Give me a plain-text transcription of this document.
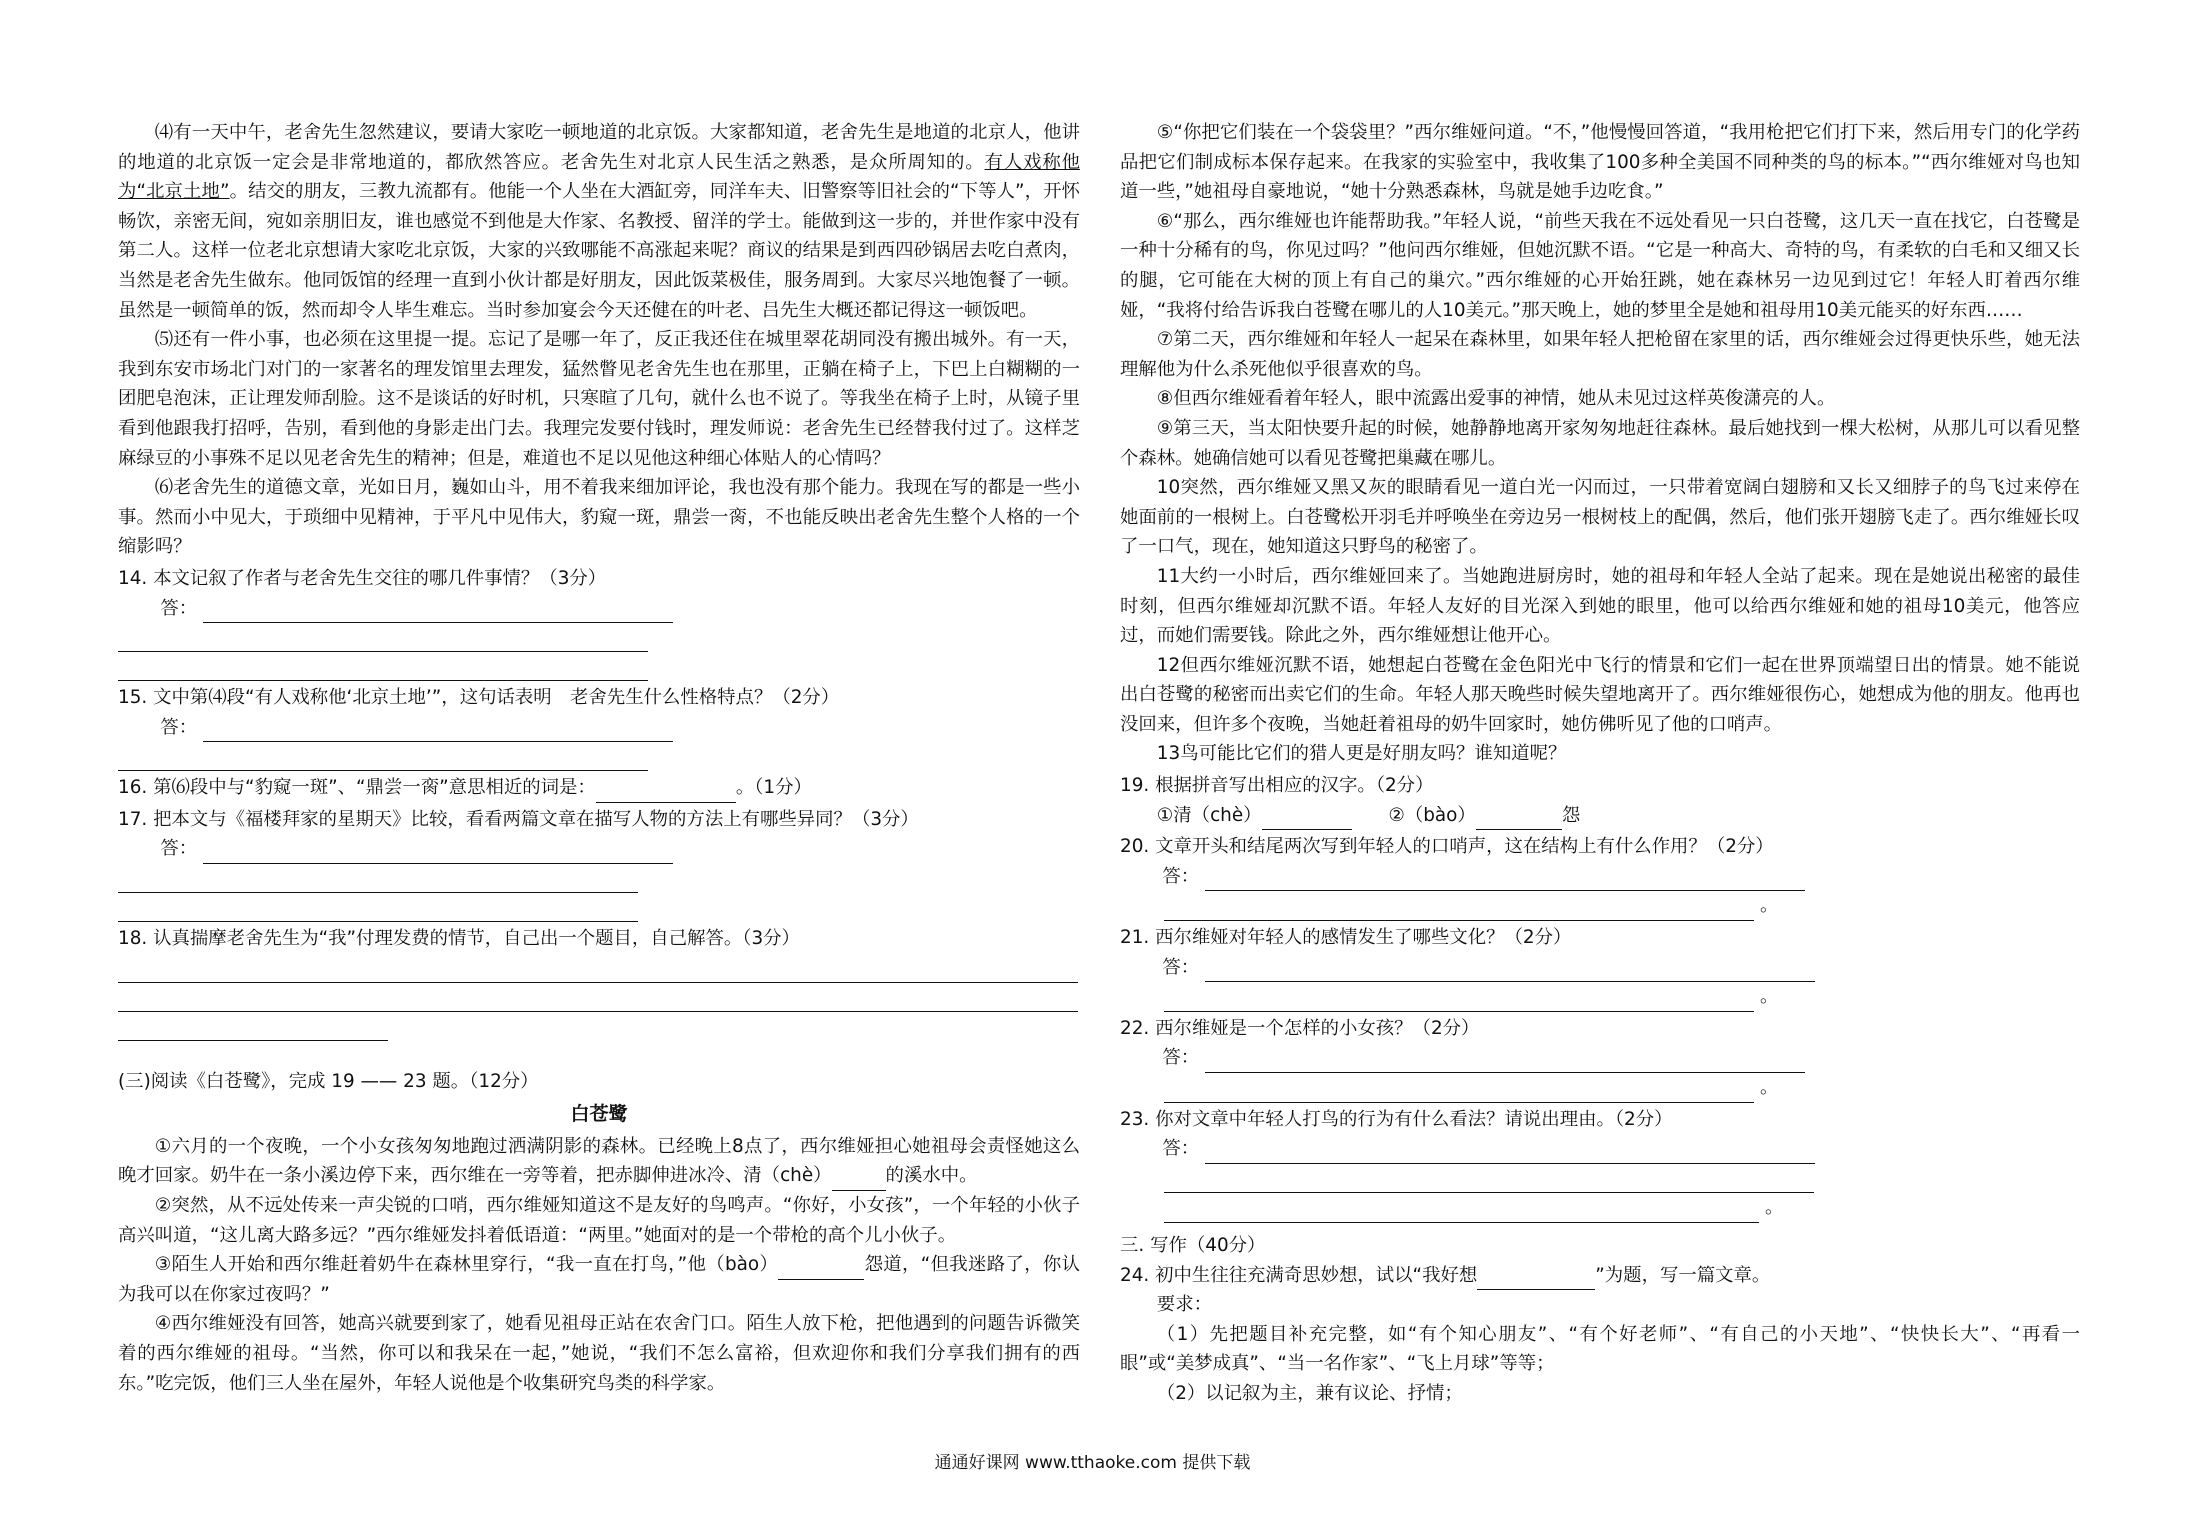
⑷有一天中午，老舍先生忽然建议，要请大家吃一顿地道的北京饭。大家都知道，老舍先生是地道的北京人，他讲的地道的北京饭一定会是非常地道的，都欣然答应。老舍先生对北京人民生活之熟悉，是众所周知的。有人戏称他为“北京土地”。结交的朋友，三教九流都有。他能一个人坐在大酒缸旁，同洋车夫、旧警察等旧社会的“下等人”，开怀畅饮，亲密无间，宛如亲朋旧友，谁也感觉不到他是大作家、名教授、留洋的学士。能做到这一步的，并世作家中没有第二人。这样一位老北京想请大家吃北京饭，大家的兴致哪能不高涨起来呢？商议的结果是到西四砂锅居去吃白煮肉，当然是老舍先生做东。他同饭馆的经理一直到小伙计都是好朋友，因此饭菜极佳，服务周到。大家尽兴地饱餐了一顿。虽然是一顿简单的饭，然而却令人毕生难忘。当时参加宴会今天还健在的叶老、吕先生大概还都记得这一顿饭吧。

⑸还有一件小事，也必须在这里提一提。忘记了是哪一年了，反正我还住在城里翠花胡同没有搬出城外。有一天，我到东安市场北门对门的一家著名的理发馆里去理发，猛然瞥见老舍先生也在那里，正躺在椅子上，下巴上白糊糊的一团肥皂泡沫，正让理发师刮脸。这不是谈话的好时机，只寒暄了几句，就什么也不说了。等我坐在椅子上时，从镜子里看到他跟我打招呼，告别，看到他的身影走出门去。我理完发要付钱时，理发师说：老舍先生已经替我付过了。这样芝麻绿豆的小事殊不足以见老舍先生的精神；但是，难道也不足以见他这种细心体贴人的心情吗？

⑹老舍先生的道德文章，光如日月，巍如山斗，用不着我来细加评论，我也没有那个能力。我现在写的都是一些小事。然而小中见大，于琐细中见精神，于平凡中见伟大，豹窥一斑，鼎尝一脔，不也能反映出老舍先生整个人格的一个缩影吗？

14. 本文记叙了作者与老舍先生交往的哪几件事情？（3分）

答：

15. 文中第⑷段“有人戏称他‘北京土地’”，这句话表明　老舍先生什么性格特点？（2分）

答：

16. 第⑹段中与“豹窥一斑”、“鼎尝一脔”意思相近的词是：	。（1分）

17. 把本文与《福楼拜家的星期天》比较，看看两篇文章在描写人物的方法上有哪些异同？（3分）

答：

18. 认真揣摩老舍先生为“我”付理发费的情节，自己出一个题目，自己解答。（3分）

(三)阅读《白苍鹭》，完成 19 —— 23 题。（12分）

白苍鹭

①六月的一个夜晚，一个小女孩匆匆地跑过洒满阴影的森林。已经晚上8点了，西尔维娅担心她祖母会责怪她这么晚才回家。奶牛在一条小溪边停下来，西尔维在一旁等着，把赤脚伸进冰冷、清（chè）	的溪水中。

②突然，从不远处传来一声尖锐的口哨，西尔维娅知道这不是友好的鸟鸣声。“你好，小女孩”，一个年轻的小伙子高兴叫道，“这儿离大路多远？”西尔维娅发抖着低语道：“两里。”她面对的是一个带枪的高个儿小伙子。

③陌生人开始和西尔维赶着奶牛在森林里穿行，“我一直在打鸟，”他（bào）	怨道，“但我迷路了，你认为我可以在你家过夜吗？”

④西尔维娅没有回答，她高兴就要到家了，她看见祖母正站在农舍门口。陌生人放下枪，把他遇到的问题告诉微笑着的西尔维娅的祖母。“当然，你可以和我呆在一起，”她说，“我们不怎么富裕，但欢迎你和我们分享我们拥有的西东。”吃完饭，他们三人坐在屋外，年轻人说他是个收集研究鸟类的科学家。

⑤“你把它们装在一个袋袋里？”西尔维娅问道。“不，”他慢慢回答道，“我用枪把它们打下来，然后用专门的化学药品把它们制成标本保存起来。在我家的实验室中，我收集了100多种全美国不同种类的鸟的标本。”“西尔维娅对鸟也知道一些，”她祖母自豪地说，“她十分熟悉森林，鸟就是她手边吃食。”

⑥“那么，西尔维娅也许能帮助我。”年轻人说，“前些天我在不远处看见一只白苍鹭，这几天一直在找它，白苍鹭是一种十分稀有的鸟，你见过吗？”他问西尔维娅，但她沉默不语。“它是一种高大、奇特的鸟，有柔软的白毛和又细又长的腿，它可能在大树的顶上有自己的巢穴。”西尔维娅的心开始狂跳，她在森林另一边见到过它！年轻人盯着西尔维娅，“我将付给告诉我白苍鹭在哪儿的人10美元。”那天晚上，她的梦里全是她和祖母用10美元能买的好东西……

⑦第二天，西尔维娅和年轻人一起呆在森林里，如果年轻人把枪留在家里的话，西尔维娅会过得更快乐些，她无法理解他为什么杀死他似乎很喜欢的鸟。

⑧但西尔维娅看着年轻人，眼中流露出爱事的神情，她从未见过这样英俊潇亮的人。

⑨第三天，当太阳快要升起的时候，她静静地离开家匆匆地赶往森林。最后她找到一棵大松树，从那儿可以看见整个森林。她确信她可以看见苍鹭把巢藏在哪儿。

10突然，西尔维娅又黑又灰的眼睛看见一道白光一闪而过，一只带着宽阔白翅膀和又长又细脖子的鸟飞过来停在她面前的一根树上。白苍鹭松开羽毛并呼唤坐在旁边另一根树枝上的配偶，然后，他们张开翅膀飞走了。西尔维娅长叹了一口气，现在，她知道这只野鸟的秘密了。

11大约一小时后，西尔维娅回来了。当她跑进厨房时，她的祖母和年轻人全站了起来。现在是她说出秘密的最佳时刻，但西尔维娅却沉默不语。年轻人友好的目光深入到她的眼里，他可以给西尔维娅和她的祖母10美元，他答应过，而她们需要钱。除此之外，西尔维娅想让他开心。

12但西尔维娅沉默不语，她想起白苍鹭在金色阳光中飞行的情景和它们一起在世界顶端望日出的情景。她不能说出白苍鹭的秘密而出卖它们的生命。年轻人那天晚些时候失望地离开了。西尔维娅很伤心，她想成为他的朋友。他再也没回来，但许多个夜晚，当她赶着祖母的奶牛回家时，她仿佛听见了他的口哨声。

13鸟可能比它们的猎人更是好朋友吗？谁知道呢？

19. 根据拼音写出相应的汉字。（2分）

①清（chè）　　	②（bào）	怨

20. 文章开头和结尾两次写到年轻人的口哨声，这在结构上有什么作用？（2分）

答：
。

21. 西尔维娅对年轻人的感情发生了哪些文化？（2分）

答：
。

22. 西尔维娅是一个怎样的小女孩？（2分）

答：
。

23. 你对文章中年轻人打鸟的行为有什么看法？请说出理由。（2分）

答：
。

三. 写作（40分）

24. 初中生往往充满奇思妙想，试以“我好想	”为题，写一篇文章。

要求：

（1）先把题目补充完整，如“有个知心朋友”、“有个好老师”、“有自己的小天地”、“快快长大”、“再看一眼”或“美梦成真”、“当一名作家”、“飞上月球”等等；

（2）以记叙为主，兼有议论、抒情；

通通好课网 www.tthaoke.com 提供下载
